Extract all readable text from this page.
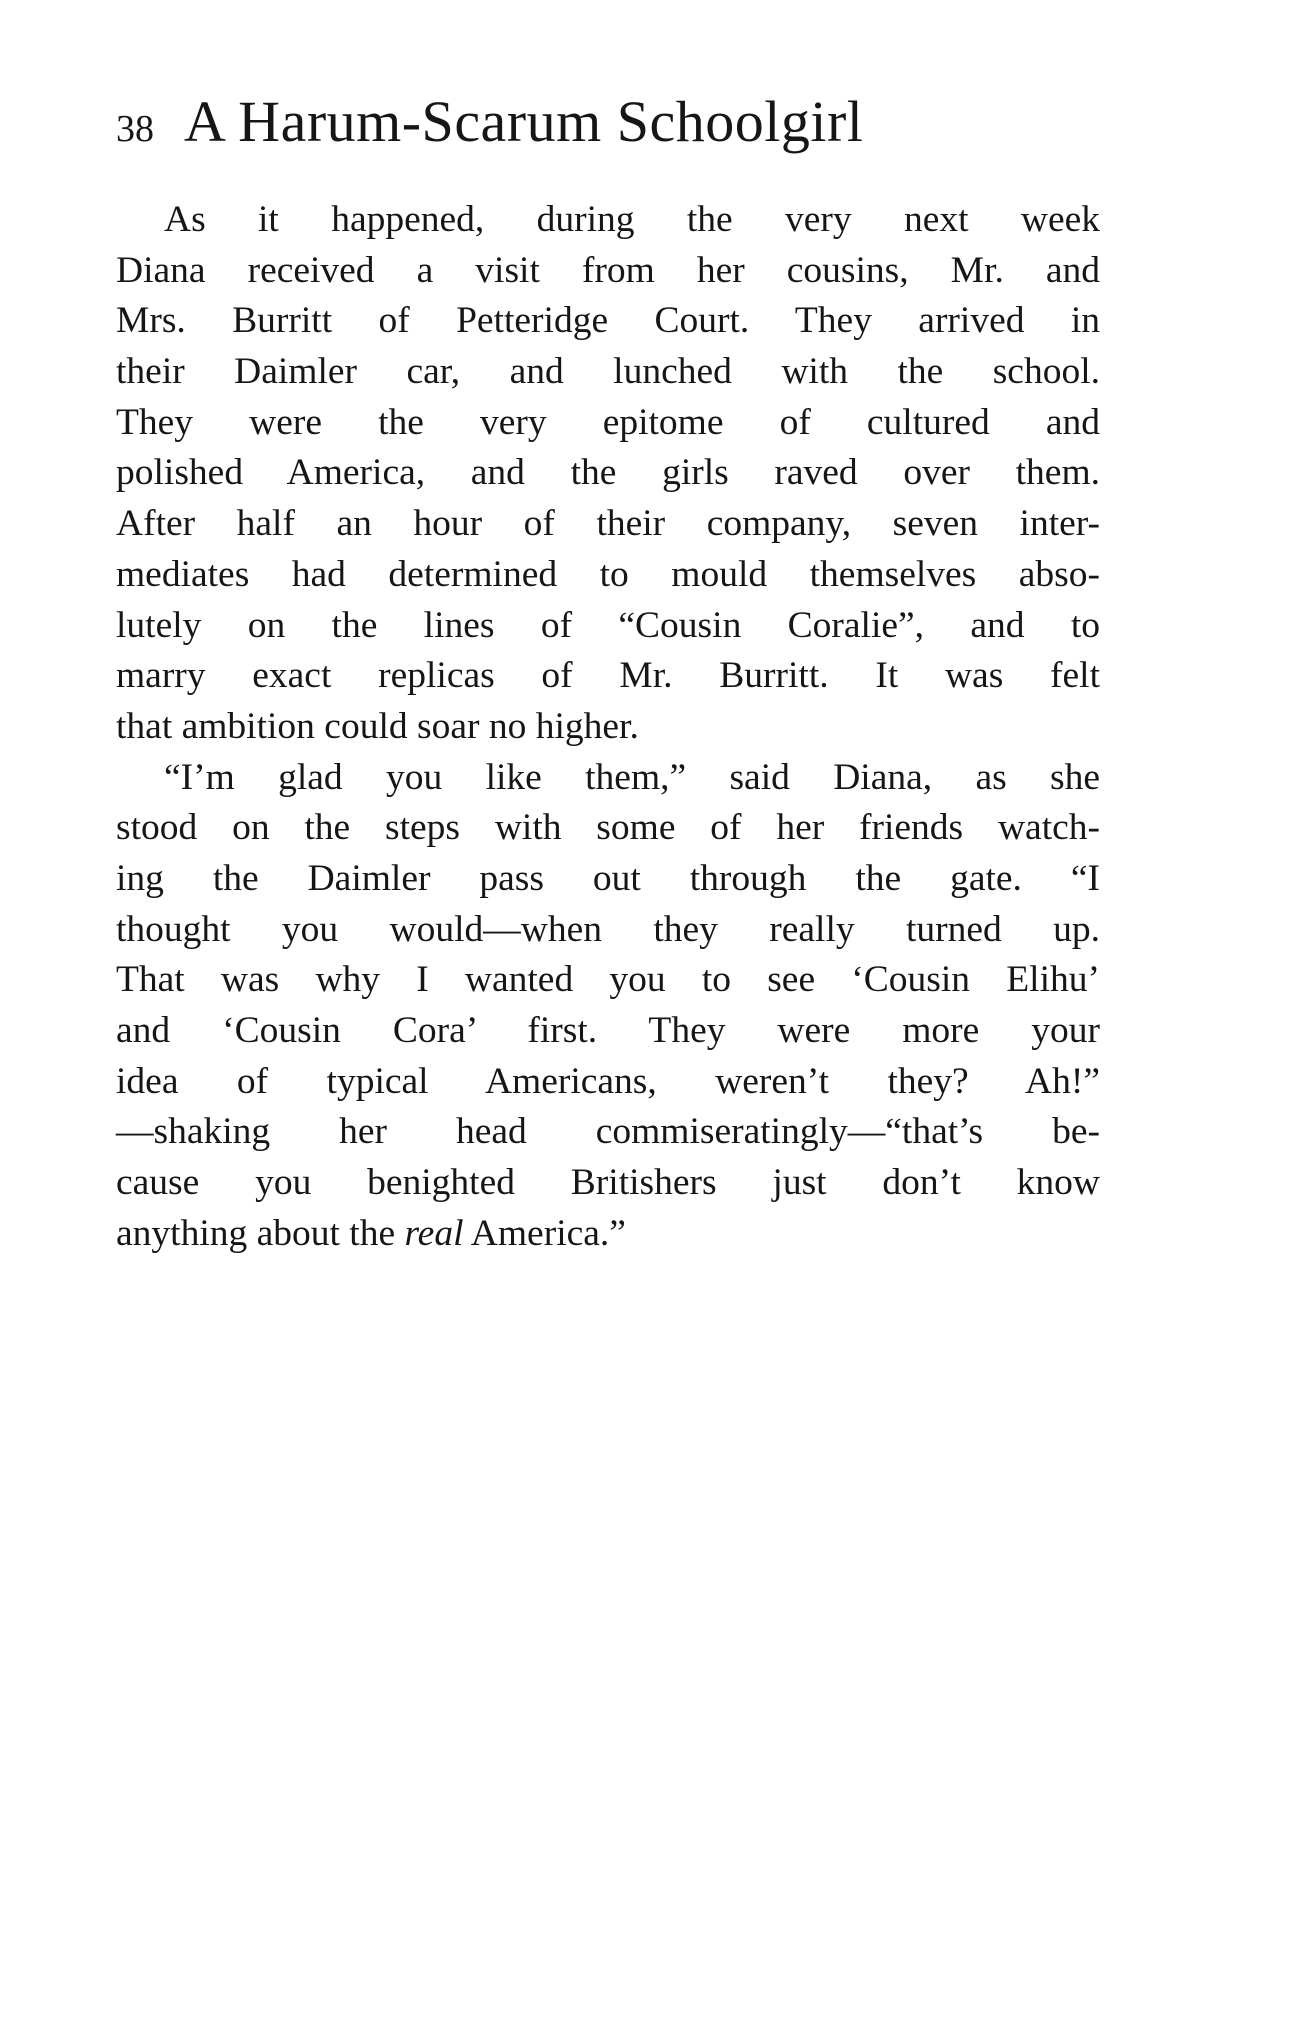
38 A Harum-Scarum Schoolgirl

As it happened, during the very next week
Diana received a visit from her cousins, Mr. and
Mrs. Burritt of Petteridge Court. They arrived in
their Daimler car, and lunched with the school.
They were the very epitome of cultured and
polished America, and the girls raved over them.
After half an hour of their company, seven inter-
mediates had determined to mould themselves abso-
lutely on the lines of “Cousin Coralie”, and to
marry exact replicas of Mr. Burritt. It was felt
that ambition could soar no higher.

“I’m glad you like them,” said Diana, as she
stood on the steps with some of her friends watch-
ing the Daimler pass out through the gate. “I
thought you would—when they really turned up.
That was why I wanted you to see ‘Cousin Elihu’
and ‘Cousin Cora’ first. They were more your
idea of typical Americans, weren’t they? Ah!”
—shaking her head commiseratingly—“that’s be-
cause you benighted Britishers just don’t know
anything about the real America.”
